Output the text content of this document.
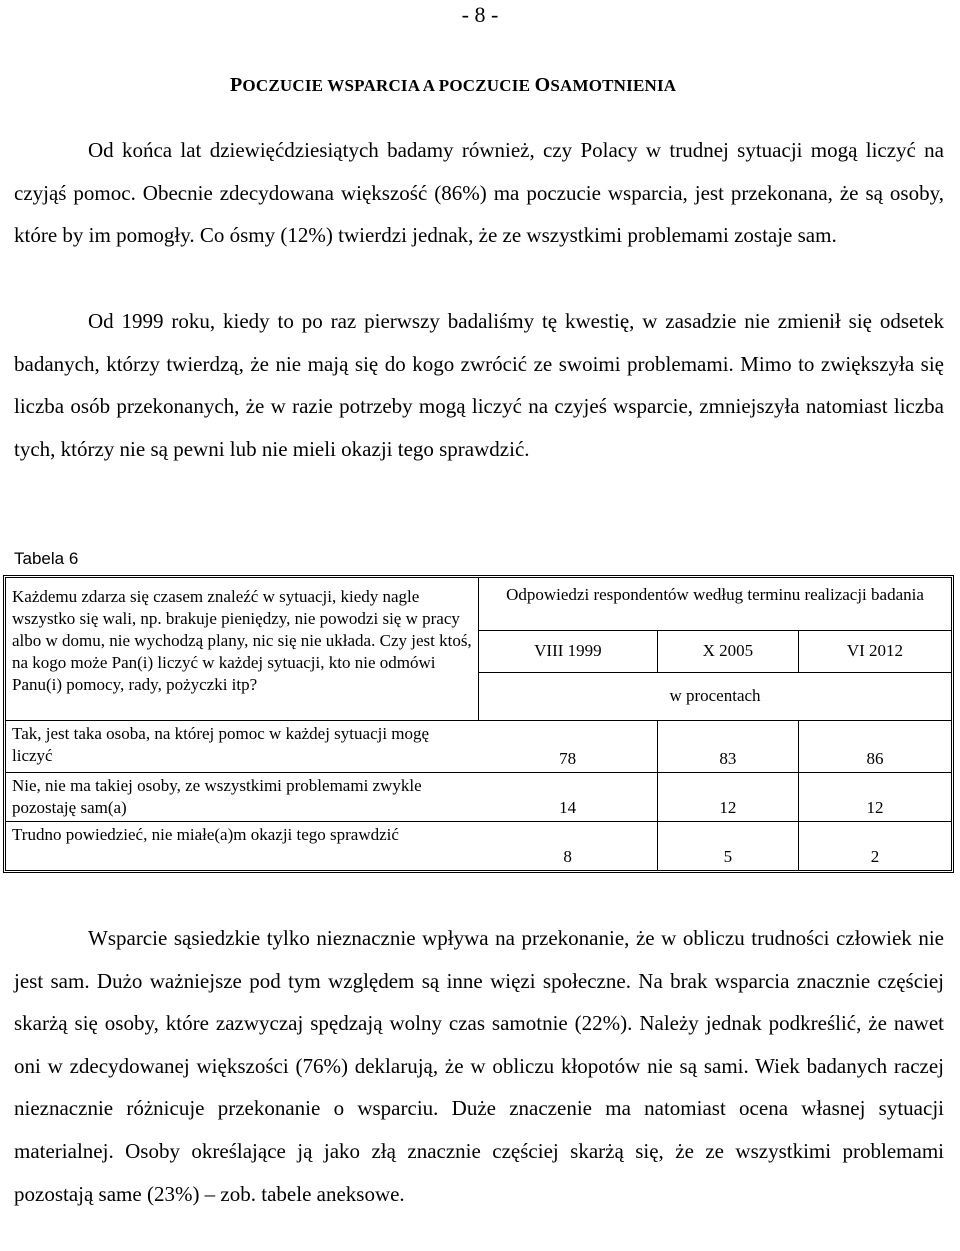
- 8 -
POCZUCIE WSPARCIA A POCZUCIE OSAMOTNIENIA

Od końca lat dziewięćdziesiątych badamy również, czy Polacy w trudnej sytuacji mogą liczyć na czyjąś pomoc. Obecnie zdecydowana większość (86%) ma poczucie wsparcia, jest przekonana, że są osoby, które by im pomogły. Co ósmy (12%) twierdzi jednak, że ze wszystkimi problemami zostaje sam.

Od 1999 roku, kiedy to po raz pierwszy badaliśmy tę kwestię, w zasadzie nie zmienił się odsetek badanych, którzy twierdzą, że nie mają się do kogo zwrócić ze swoimi problemami. Mimo to zwiększyła się liczba osób przekonanych, że w razie potrzeby mogą liczyć na czyjeś wsparcie, zmniejszyła natomiast liczba tych, którzy nie są pewni lub nie mieli okazji tego sprawdzić.

Tabela 6
Każdemu zdarza się czasem znaleźć w sytuacji, kiedy nagle wszystko się wali, np. brakuje pieniędzy, nie powodzi się w pracy albo w domu, nie wychodzą plany, nic się nie układa. Czy jest ktoś, na kogo może Pan(i) liczyć w każdej sytuacji, kto nie odmówi Panu(i) pomocy, rady, pożyczki itp?	Odpowiedzi respondentów według terminu realizacji badania		
	VIII 1999	X 2005	VI 2012
	w procentach		
Tak, jest taka osoba, na której pomoc w każdej sytuacji mogę liczyć	78	83	86
Nie, nie ma takiej osoby, ze wszystkimi problemami zwykle pozostaję sam(a)	14	12	12
Trudno powiedzieć, nie miałe(a)m okazji tego sprawdzić	8	5	2

Wsparcie sąsiedzkie tylko nieznacznie wpływa na przekonanie, że w obliczu trudności człowiek nie jest sam. Dużo ważniejsze pod tym względem są inne więzi społeczne. Na brak wsparcia znacznie częściej skarżą się osoby, które zazwyczaj spędzają wolny czas samotnie (22%). Należy jednak podkreślić, że nawet oni w zdecydowanej większości (76%) deklarują, że w obliczu kłopotów nie są sami. Wiek badanych raczej nieznacznie różnicuje przekonanie o wsparciu. Duże znaczenie ma natomiast ocena własnej sytuacji materialnej. Osoby określające ją jako złą znacznie częściej skarżą się, że ze wszystkimi problemami pozostają same (23%) – zob. tabele aneksowe.
